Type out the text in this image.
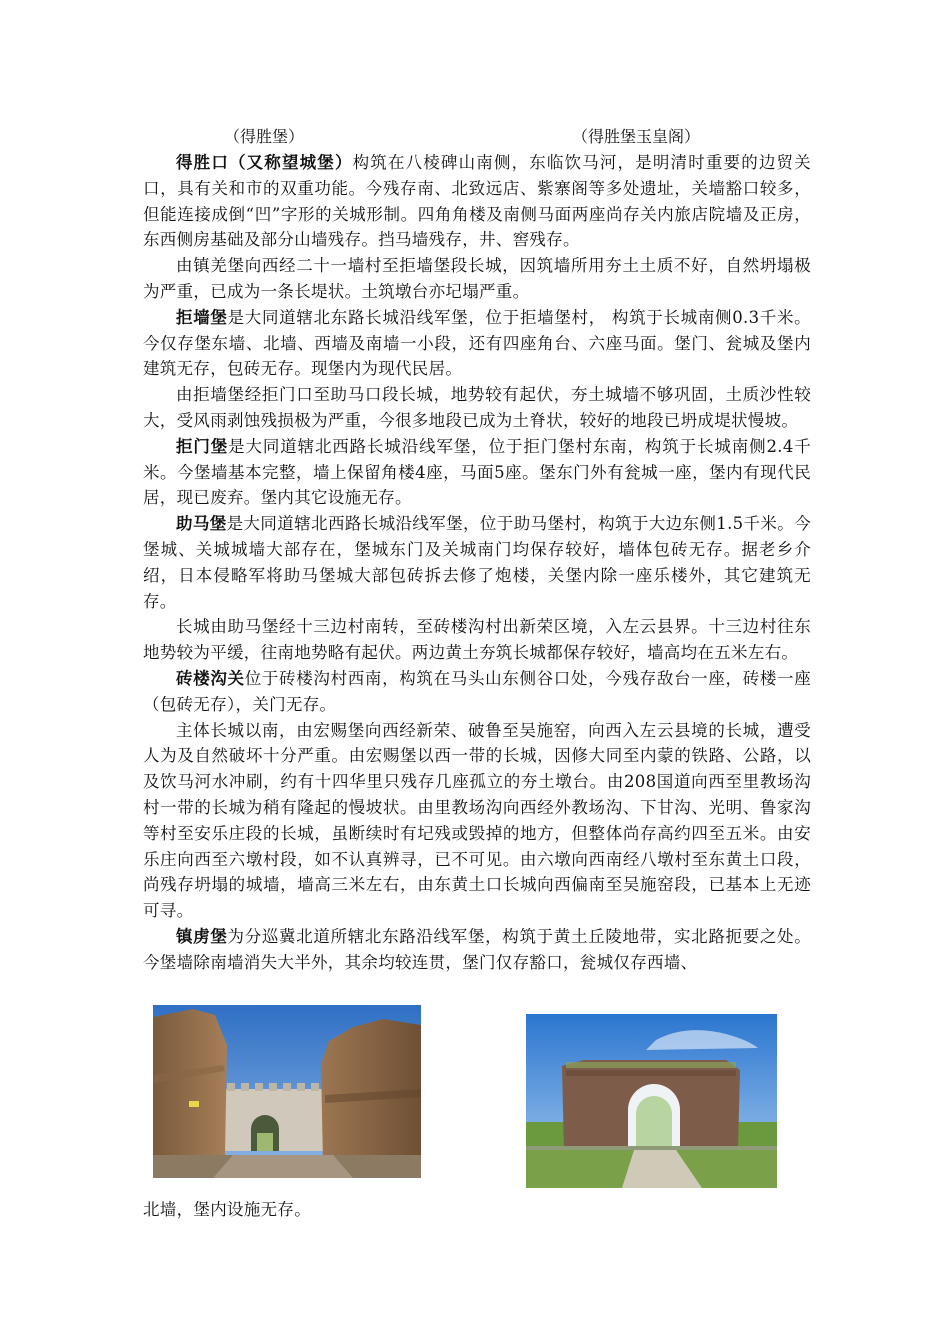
（得胜堡）	（得胜堡玉皇阁）

得胜口（又称望城堡）构筑在八棱碑山南侧，东临饮马河，是明清时重要的边贸关口，具有关和市的双重功能。今残存南、北致远店、紫寨阁等多处遗址，关墙豁口较多，但能连接成倒“凹”字形的关城形制。四角角楼及南侧马面两座尚存关内旅店院墙及正房，东西侧房基础及部分山墙残存。挡马墙残存，井、窖残存。

由镇羌堡向西经二十一墙村至拒墙堡段长城，因筑墙所用夯土土质不好，自然坍塌极为严重，已成为一条长堤状。土筑墩台亦圮塌严重。

拒墙堡是大同道辖北东路长城沿线军堡，位于拒墙堡村， 构筑于长城南侧0.3千米。今仅存堡东墙、北墙、西墙及南墙一小段，还有四座角台、六座马面。堡门、瓮城及堡内建筑无存，包砖无存。现堡内为现代民居。

由拒墙堡经拒门口至助马口段长城，地势较有起伏，夯土城墙不够巩固，土质沙性较大，受风雨剥蚀残损极为严重，今很多地段已成为土脊状，较好的地段已坍成堤状慢坡。

拒门堡是大同道辖北西路长城沿线军堡，位于拒门堡村东南，构筑于长城南侧2.4千米。今堡墙基本完整，墙上保留角楼4座，马面5座。堡东门外有瓮城一座，堡内有现代民居，现已废弃。堡内其它设施无存。

助马堡是大同道辖北西路长城沿线军堡，位于助马堡村，构筑于大边东侧1.5千米。今堡城、关城城墙大部存在，堡城东门及关城南门均保存较好，墙体包砖无存。据老乡介绍，日本侵略军将助马堡城大部包砖拆去修了炮楼，关堡内除一座乐楼外，其它建筑无存。

长城由助马堡经十三边村南转，至砖楼沟村出新荣区境，入左云县界。十三边村往东地势较为平缓，往南地势略有起伏。两边黄土夯筑长城都保存较好，墙高均在五米左右。

砖楼沟关位于砖楼沟村西南，构筑在马头山东侧谷口处，今残存敌台一座，砖楼一座（包砖无存），关门无存。

主体长城以南，由宏赐堡向西经新荣、破鲁至吴施窑，向西入左云县境的长城，遭受人为及自然破坏十分严重。由宏赐堡以西一带的长城，因修大同至内蒙的铁路、公路，以及饮马河水冲刷，约有十四华里只残存几座孤立的夯土墩台。由208国道向西至里教场沟村一带的长城为稍有隆起的慢坡状。由里教场沟向西经外教场沟、下甘沟、光明、鲁家沟等村至安乐庄段的长城，虽断续时有圮残或毁掉的地方，但整体尚存高约四至五米。由安乐庄向西至六墩村段，如不认真辨寻，已不可见。由六墩向西南经八墩村至东黄土口段，尚残存坍塌的城墙，墙高三米左右，由东黄土口长城向西偏南至吴施窑段，已基本上无迹可寻。

镇虏堡为分巡冀北道所辖北东路沿线军堡，构筑于黄土丘陵地带，实北路扼要之处。今堡墙除南墙消失大半外，其余均较连贯，堡门仅存豁口，瓮城仅存西墙、

北墙，堡内设施无存。
